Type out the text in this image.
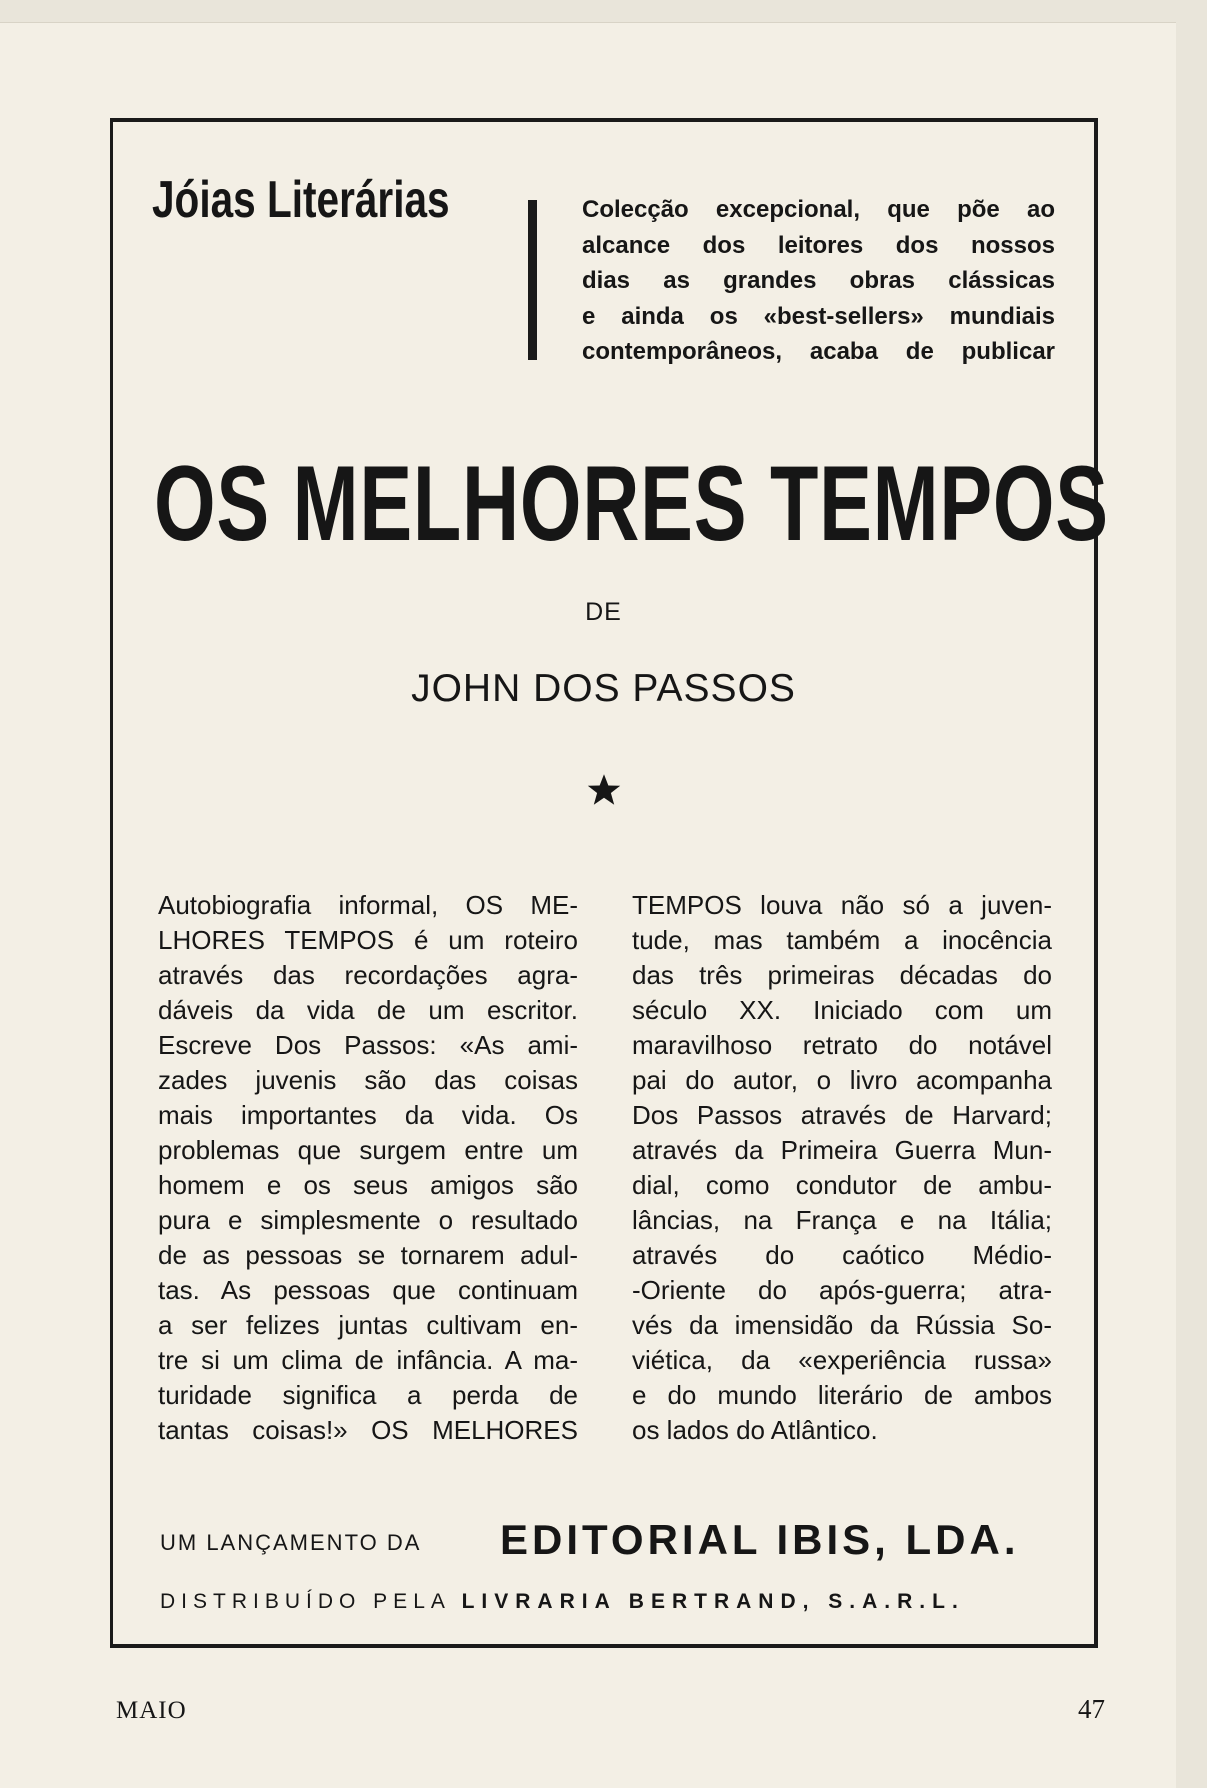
Jóias Literárias	Colecção excepcional, que põe ao
alcance dos leitores dos nossos
dias as grandes obras clássicas
e ainda os «best-sellers» mundiais
contemporâneos, acaba de publicar

OS MELHORES TEMPOS
DE
JOHN DOS PASSOS
Autobiografia informal, OS ME-
LHORES TEMPOS é um roteiro
através das recordações agra-
dáveis da vida de um escritor.
Escreve Dos Passos: «As ami-
zades juvenis são das coisas
mais importantes da vida. Os
problemas que surgem entre um
homem e os seus amigos são
pura e simplesmente o resultado
de as pessoas se tornarem adul-
tas. As pessoas que continuam
a ser felizes juntas cultivam en-
tre si um clima de infância. A ma-
turidade significa a perda de
tantas coisas!» OS MELHORES
TEMPOS louva não só a juven-
tude, mas também a inocência
das três primeiras décadas do
século XX. Iniciado com um
maravilhoso retrato do notável
pai do autor, o livro acompanha
Dos Passos através de Harvard;
através da Primeira Guerra Mun-
dial, como condutor de ambu-
lâncias, na França e na Itália;
através do caótico Médio-
-Oriente do após-guerra; atra-
vés da imensidão da Rússia So-
viética, da «experiência russa»
e do mundo literário de ambos
os lados do Atlântico.
UM LANÇAMENTO DA EDITORIAL IBIS, LDA.
DISTRIBUÍDO PELA LIVRARIA BERTRAND, S.A.R.L.
MAIO	47
